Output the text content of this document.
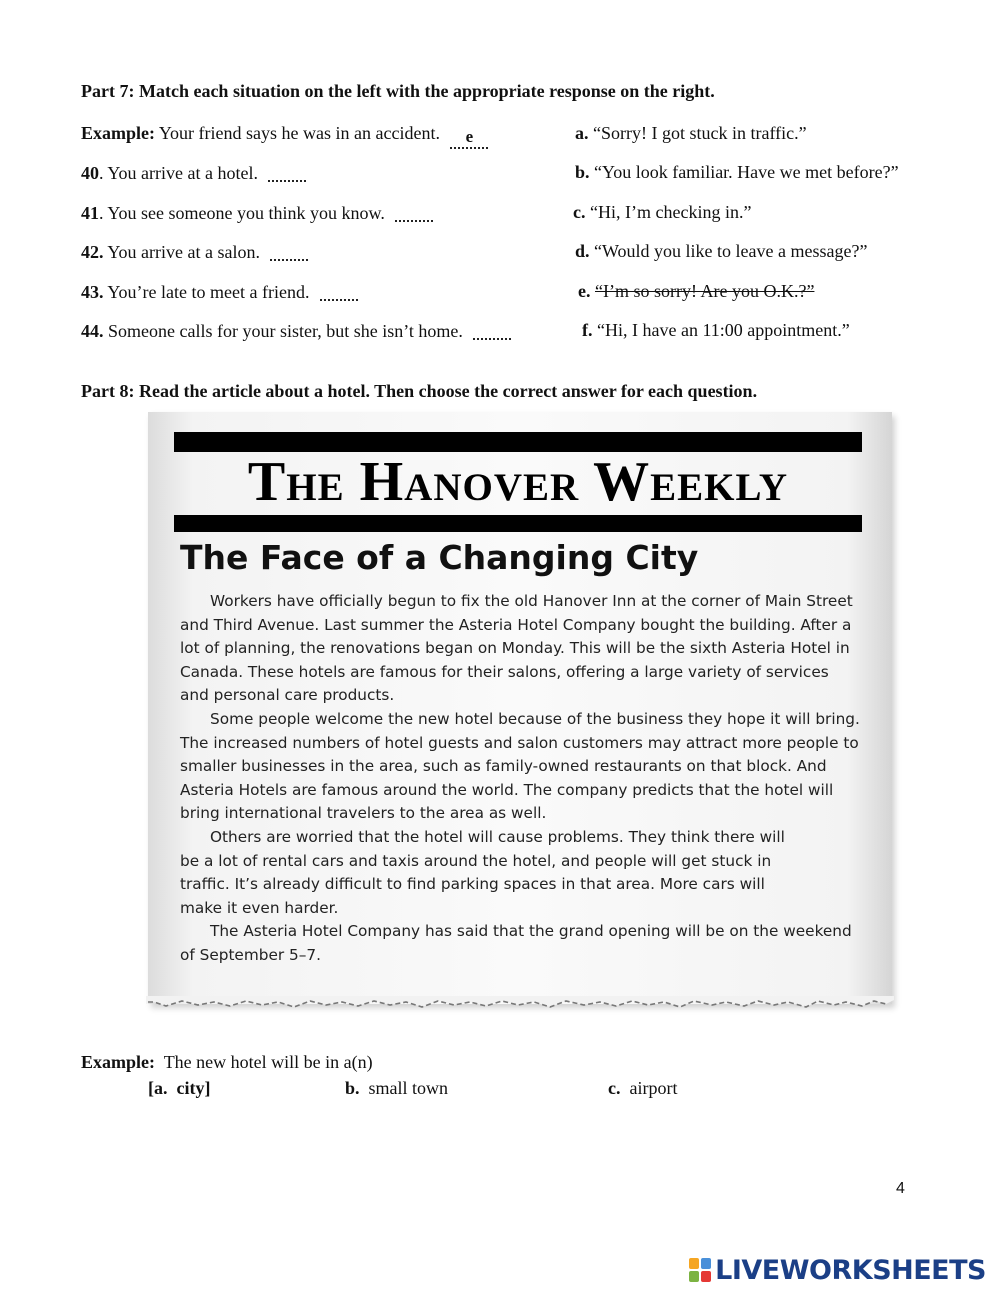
Part 7: Match each situation on the left with the appropriate response on the right.
Example: Your friend says he was in an accident. e
40. You arrive at a hotel.
41. You see someone you think you know.
42. You arrive at a salon.
43. You’re late to meet a friend.
44. Someone calls for your sister, but she isn’t home.
a. “Sorry! I got stuck in traffic.”
b. “You look familiar. Have we met before?”
c. “Hi, I’m checking in.”
d. “Would you like to leave a message?”
e. “I’m so sorry! Are you O.K.?”
f. “Hi, I have an 11:00 appointment.”
Part 8: Read the article about a hotel. Then choose the correct answer for each question.
The Hanover Weekly
The Face of a Changing City

Workers have officially begun to fix the old Hanover Inn at the corner of Main Street and Third Avenue. Last summer the Asteria Hotel Company bought the building. After a lot of planning, the renovations began on Monday. This will be the sixth Asteria Hotel in Canada. These hotels are famous for their salons, offering a large variety of services and personal care products.

Some people welcome the new hotel because of the business they hope it will bring. The increased numbers of hotel guests and salon customers may attract more people to smaller businesses in the area, such as family-owned restaurants on that block. And Asteria Hotels are famous around the world. The company predicts that the hotel will bring international travelers to the area as well.

Others are worried that the hotel will cause problems. They think there will be a lot of rental cars and taxis around the hotel, and people will get stuck in traffic. It’s already difficult to find parking spaces in that area. More cars will make it even harder.

The Asteria Hotel Company has said that the grand opening will be on the weekend of September 5–7.

Example: The new hotel will be in a(n)
[a. city]	b. small town	c. airport
4
LIVEWORKSHEETS
